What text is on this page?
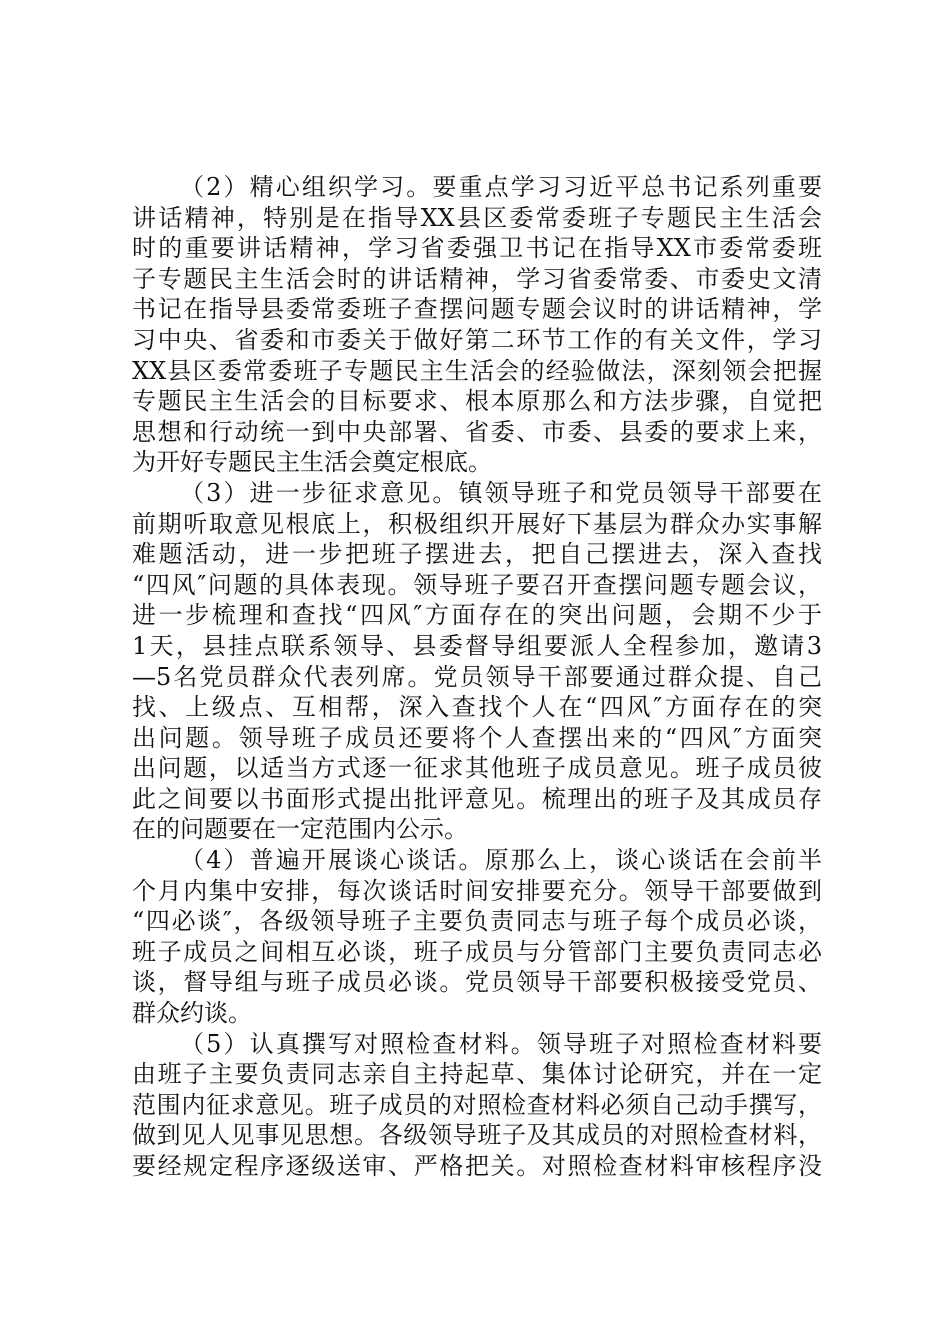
（2）精心组织学习。要重点学习习近平总书记系列重要
讲话精神，特别是在指导XX县区委常委班子专题民主生活会
时的重要讲话精神，学习省委强卫书记在指导XX市委常委班
子专题民主生活会时的讲话精神，学习省委常委、市委史文清
书记在指导县委常委班子查摆问题专题会议时的讲话精神，学
习中央、省委和市委关于做好第二环节工作的有关文件，学习
XX县区委常委班子专题民主生活会的经验做法，深刻领会把握
专题民主生活会的目标要求、根本原那么和方法步骤，自觉把
思想和行动统一到中央部署、省委、市委、县委的要求上来，
为开好专题民主生活会奠定根底。
（3）进一步征求意见。镇领导班子和党员领导干部要在
前期听取意见根底上，积极组织开展好下基层为群众办实事解
难题活动，进一步把班子摆进去，把自己摆进去，深入查找
“四风″问题的具体表现。领导班子要召开查摆问题专题会议，
进一步梳理和查找“四风″方面存在的突出问题，会期不少于
1天，县挂点联系领导、县委督导组要派人全程参加，邀请3
—5名党员群众代表列席。党员领导干部要通过群众提、自己
找、上级点、互相帮，深入查找个人在“四风″方面存在的突
出问题。领导班子成员还要将个人查摆出来的“四风″方面突
出问题，以适当方式逐一征求其他班子成员意见。班子成员彼
此之间要以书面形式提出批评意见。梳理出的班子及其成员存
在的问题要在一定范围内公示。
（4）普遍开展谈心谈话。原那么上，谈心谈话在会前半
个月内集中安排，每次谈话时间安排要充分。领导干部要做到
“四必谈″，各级领导班子主要负责同志与班子每个成员必谈，
班子成员之间相互必谈，班子成员与分管部门主要负责同志必
谈，督导组与班子成员必谈。党员领导干部要积极接受党员、
群众约谈。
（5）认真撰写对照检查材料。领导班子对照检查材料要
由班子主要负责同志亲自主持起草、集体讨论研究，并在一定
范围内征求意见。班子成员的对照检查材料必须自己动手撰写，
做到见人见事见思想。各级领导班子及其成员的对照检查材料，
要经规定程序逐级送审、严格把关。对照检查材料审核程序没
